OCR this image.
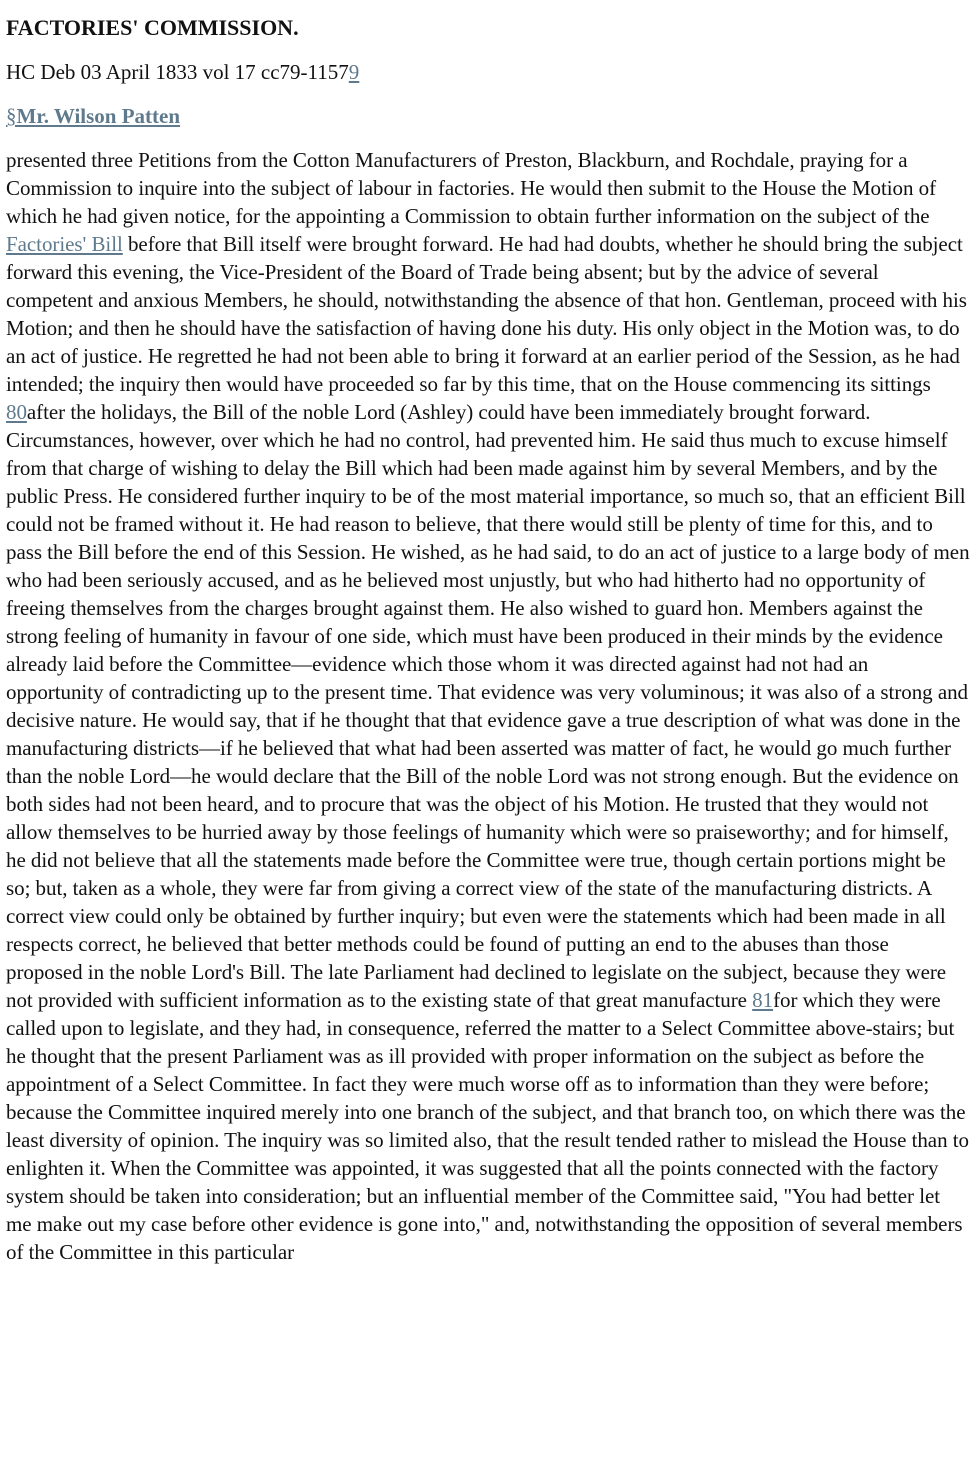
FACTORIES' COMMISSION.
HC Deb 03 April 1833 vol 17 cc79-11579
§Mr. Wilson Patten

presented three Petitions from the Cotton Manufacturers of Preston, Blackburn, and Rochdale, praying for a Commission to inquire into the subject of labour in factories. He would then submit to the House the Motion of which he had given notice, for the appointing a Commission to obtain further information on the subject of the Factories' Bill before that Bill itself were brought forward. He had had doubts, whether he should bring the subject forward this evening, the Vice-President of the Board of Trade being absent; but by the advice of several competent and anxious Members, he should, notwithstanding the absence of that hon. Gentleman, proceed with his Motion; and then he should have the satisfaction of having done his duty. His only object in the Motion was, to do an act of justice. He regretted he had not been able to bring it forward at an earlier period of the Session, as he had intended; the inquiry then would have proceeded so far by this time, that on the House commencing its sittings 80after the holidays, the Bill of the noble Lord (Ashley) could have been immediately brought forward. Circumstances, however, over which he had no control, had prevented him. He said thus much to excuse himself from that charge of wishing to delay the Bill which had been made against him by several Members, and by the public Press. He considered further inquiry to be of the most material importance, so much so, that an efficient Bill could not be framed without it. He had reason to believe, that there would still be plenty of time for this, and to pass the Bill before the end of this Session. He wished, as he had said, to do an act of justice to a large body of men who had been seriously accused, and as he believed most unjustly, but who had hitherto had no opportunity of freeing themselves from the charges brought against them. He also wished to guard hon. Members against the strong feeling of humanity in favour of one side, which must have been produced in their minds by the evidence already laid before the Committee—evidence which those whom it was directed against had not had an opportunity of contradicting up to the present time. That evidence was very voluminous; it was also of a strong and decisive nature. He would say, that if he thought that that evidence gave a true description of what was done in the manufacturing districts—if he believed that what had been asserted was matter of fact, he would go much further than the noble Lord—he would declare that the Bill of the noble Lord was not strong enough. But the evidence on both sides had not been heard, and to procure that was the object of his Motion. He trusted that they would not allow themselves to be hurried away by those feelings of humanity which were so praiseworthy; and for himself, he did not believe that all the statements made before the Committee were true, though certain portions might be so; but, taken as a whole, they were far from giving a correct view of the state of the manufacturing districts. A correct view could only be obtained by further inquiry; but even were the statements which had been made in all respects correct, he believed that better methods could be found of putting an end to the abuses than those proposed in the noble Lord's Bill. The late Parliament had declined to legislate on the subject, because they were not provided with sufficient information as to the existing state of that great manufacture 81for which they were called upon to legislate, and they had, in consequence, referred the matter to a Select Committee above-stairs; but he thought that the present Parliament was as ill provided with proper information on the subject as before the appointment of a Select Committee. In fact they were much worse off as to information than they were before; because the Committee inquired merely into one branch of the subject, and that branch too, on which there was the least diversity of opinion. The inquiry was so limited also, that the result tended rather to mislead the House than to enlighten it. When the Committee was appointed, it was suggested that all the points connected with the factory system should be taken into consideration; but an influential member of the Committee said, "You had better let me make out my case before other evidence is gone into," and, notwithstanding the opposition of several members of the Committee in this particular
